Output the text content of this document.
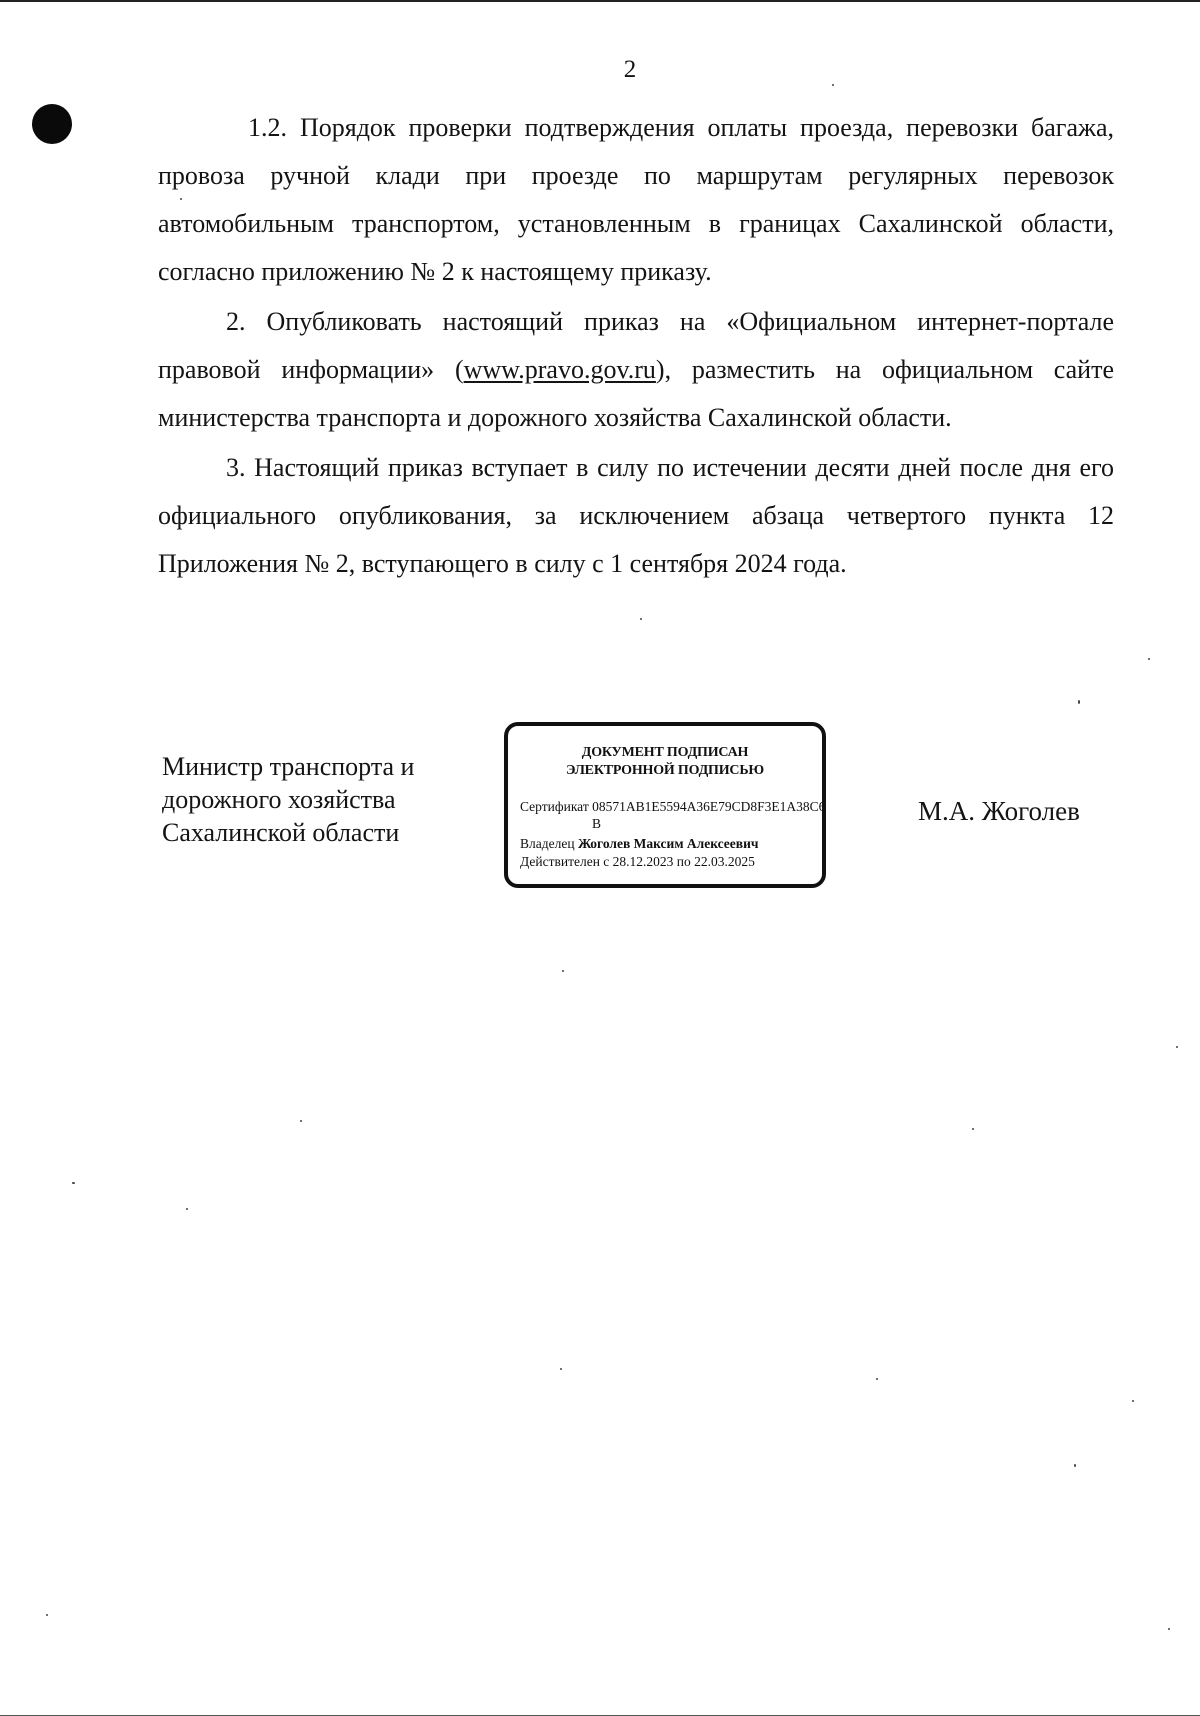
2

1.2. Порядок проверки подтверждения оплаты проезда, перевозки багажа, провоза ручной клади при проезде по маршрутам регулярных перевозок автомобильным транспортом, установленным в границах Сахалинской области, согласно приложению № 2 к настоящему приказу.

2. Опубликовать настоящий приказ на «Официальном интернет-портале правовой информации» (www.pravo.gov.ru), разместить на официальном сайте министерства транспорта и дорожного хозяйства Сахалинской области.

3. Настоящий приказ вступает в силу по истечении десяти дней после дня его официального опубликования, за исключением абзаца четвертого пункта 12 Приложения № 2, вступающего в силу с 1 сентября 2024 года.

Министр транспорта и
дорожного хозяйства
Сахалинской области
ДОКУМЕНТ ПОДПИСАН
ЭЛЕКТРОННОЙ ПОДПИСЬЮ
Сертификат 08571AB1E5594A36E79CD8F3E1A38C6
B
Владелец Жоголев Максим Алексеевич
Действителен с 28.12.2023 по 22.03.2025
М.А. Жоголев
